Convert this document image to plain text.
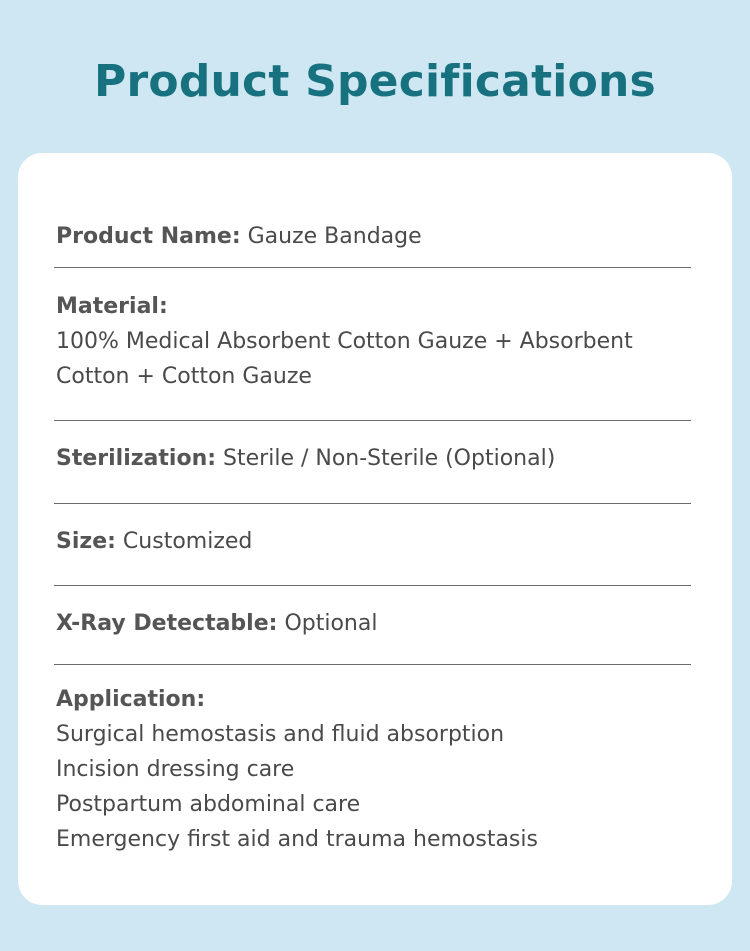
Product Specifications
Product Name: Gauze Bandage
Material:
100% Medical Absorbent Cotton Gauze + Absorbent
Cotton + Cotton Gauze
Sterilization: Sterile / Non-Sterile (Optional)
Size: Customized
X-Ray Detectable: Optional
Application:
Surgical hemostasis and fluid absorption
Incision dressing care
Postpartum abdominal care
Emergency first aid and trauma hemostasis
